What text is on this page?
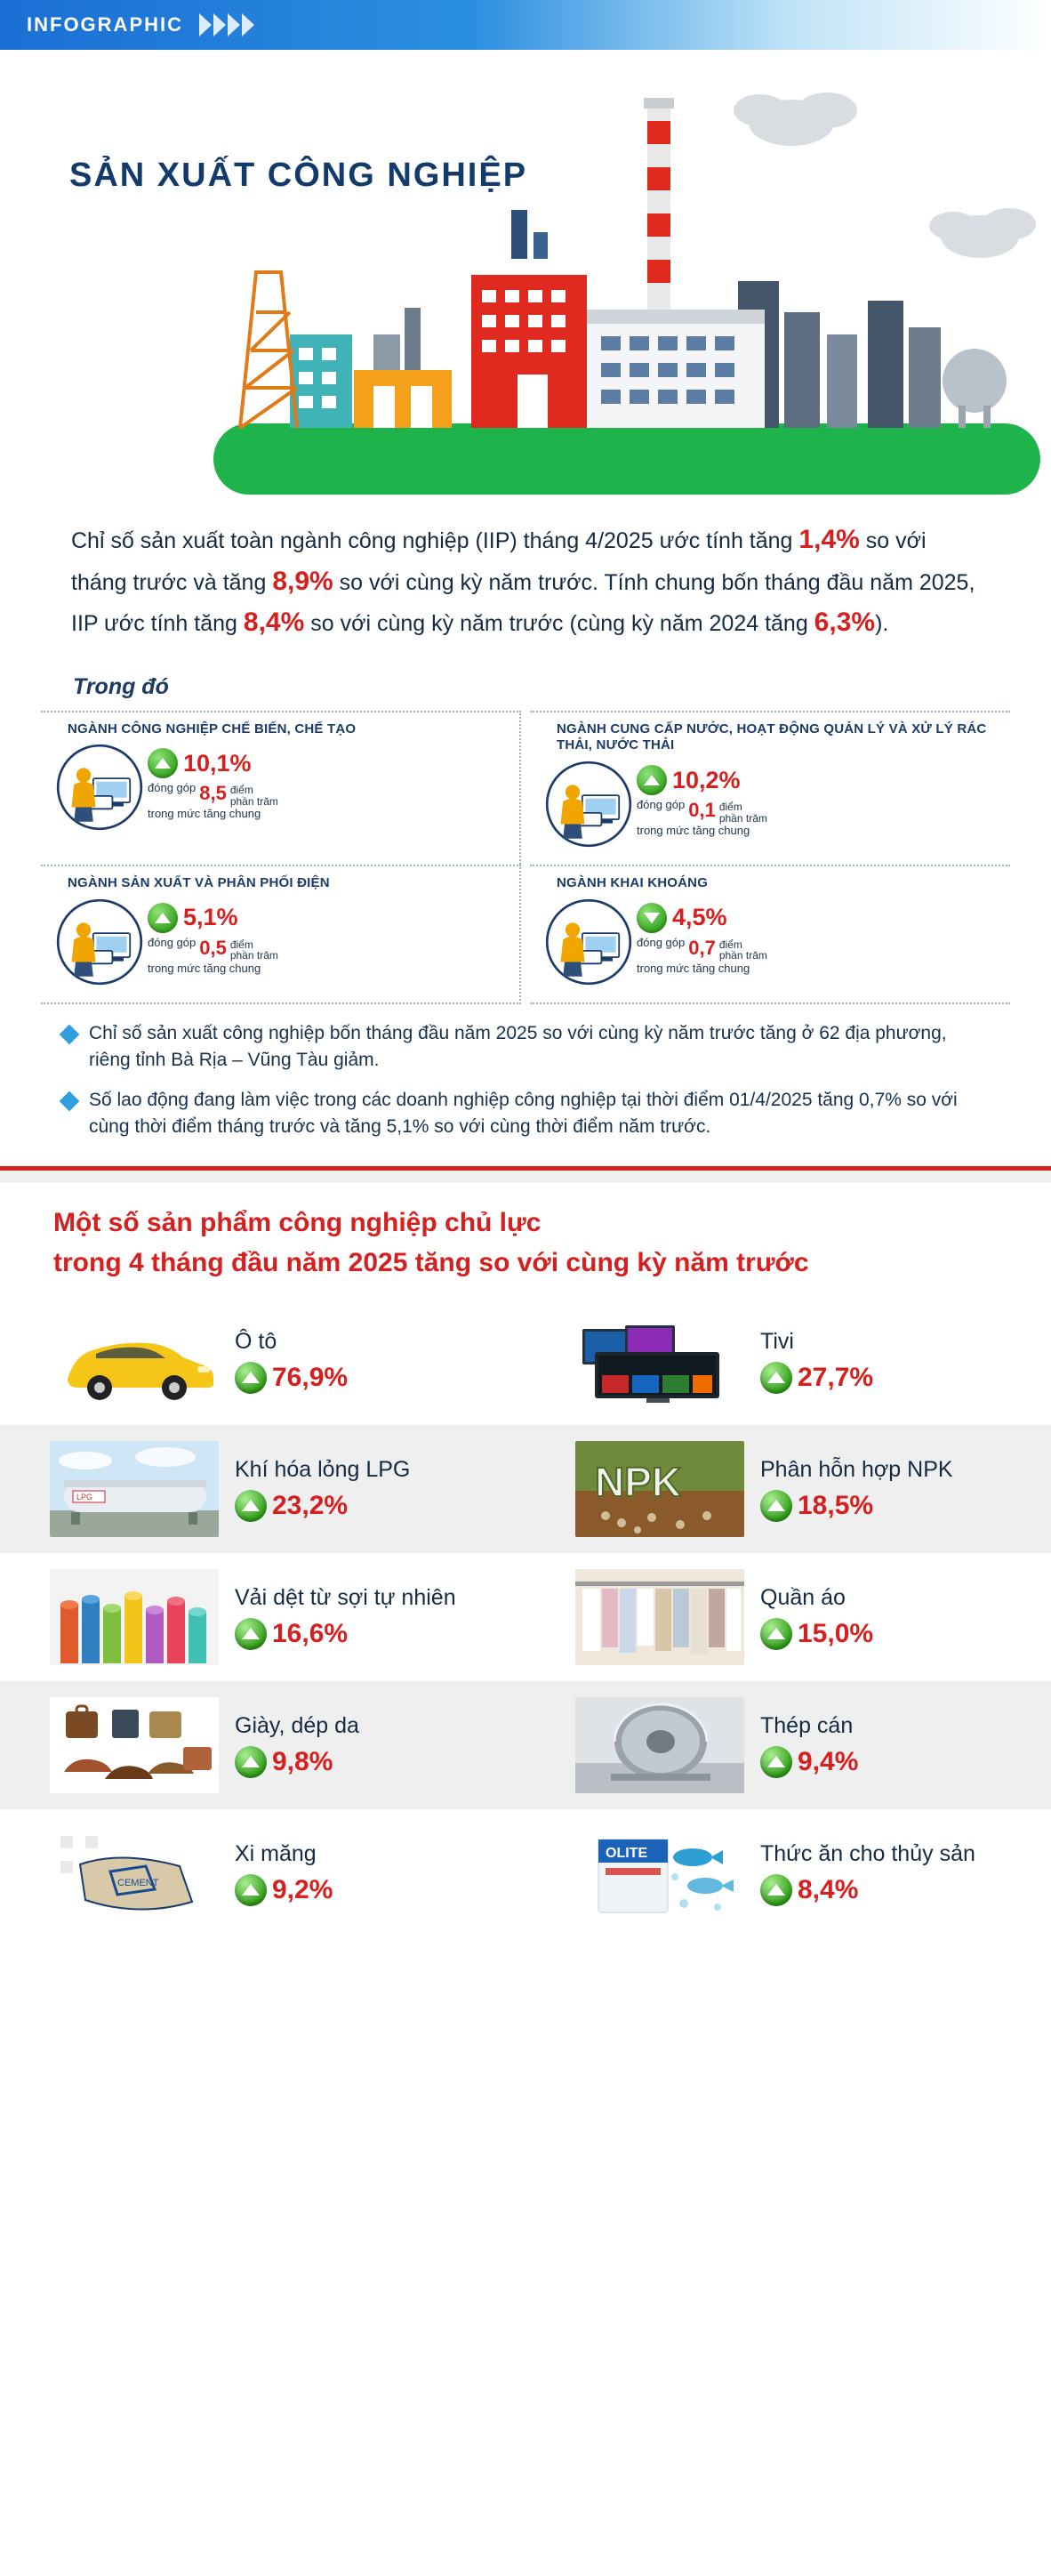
INFOGRAPHIC
SẢN XUẤT CÔNG NGHIỆP

Chỉ số sản xuất toàn ngành công nghiệp (IIP) tháng 4/2025 ước tính tăng 1,4% so với tháng trước và tăng 8,9% so với cùng kỳ năm trước. Tính chung bốn tháng đầu năm 2025, IIP ước tính tăng 8,4% so với cùng kỳ năm trước (cùng kỳ năm 2024 tăng 6,3%).

Trong đó
NGÀNH CÔNG NGHIỆP CHẾ BIẾN, CHẾ TẠO
10,1%
đóng góp 8,5 điểm
phần trăm
trong mức tăng chung
NGÀNH CUNG CẤP NƯỚC, HOẠT ĐỘNG QUẢN LÝ VÀ XỬ LÝ RÁC THẢI, NƯỚC THẢI
10,2%
đóng góp 0,1 điểm
phần trăm
trong mức tăng chung
NGÀNH SẢN XUẤT VÀ PHÂN PHỐI ĐIỆN
5,1%
đóng góp 0,5 điểm
phần trăm
trong mức tăng chung
NGÀNH KHAI KHOÁNG
4,5%
đóng góp 0,7 điểm
phần trăm
trong mức tăng chung

Chỉ số sản xuất công nghiệp bốn tháng đầu năm 2025 so với cùng kỳ năm trước tăng ở 62 địa phương, riêng tỉnh Bà Rịa – Vũng Tàu giảm.

Số lao động đang làm việc trong các doanh nghiệp công nghiệp tại thời điểm 01/4/2025 tăng 0,7% so với cùng thời điểm tháng trước và tăng 5,1% so với cùng thời điểm năm trước.

Một số sản phẩm công nghiệp chủ lực
trong 4 tháng đầu năm 2025 tăng so với cùng kỳ năm trước
Ô tô
76,9%
Tivi
27,7%
LPG
Khí hóa lỏng LPG
23,2%
NPK	Phân hỗn hợp NPK
18,5%
Vải dệt từ sợi tự nhiên
16,6%
Quần áo
15,0%
Giày, dép da
9,8%
Thép cán
9,4%
CEMENT
Xi măng
9,2%
OLITE	Thức ăn cho thủy sản
8,4%
